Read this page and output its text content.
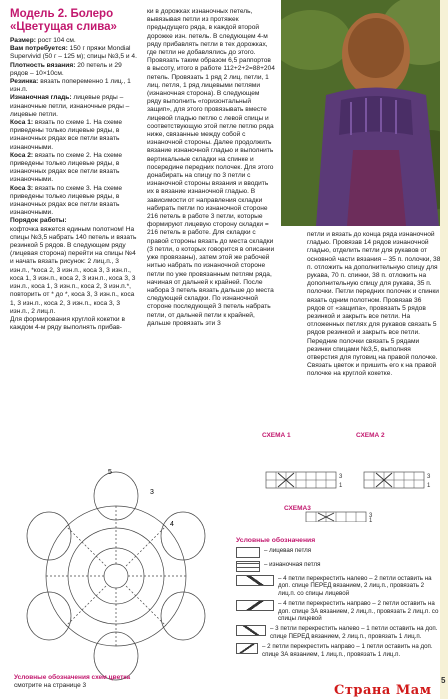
Модель 2. Болеро
«Цветущая слива»

Размер: рост 104 см.

Вам потребуется: 150 г пряжи Mondial Supervivid (50 г – 125 м); спицы №3,5 и 4.

Плотность вязания: 20 петель и 29 рядов – 10×10см.

Резинка: вязать попеременно 1 лиц., 1 изн.п.

Изнаночная гладь: лицевые ряды – изнаночные петли, изнаночные ряды – лицевые петли.

Коса 1: вязать по схеме 1. На схеме приведены только лицевые ряды, в изнаночных рядах все петли вязать изнаночными.

Коса 2: вязать по схеме 2. На схеме приведены только лицевые ряды, в изнаночных рядах все петли вязать изнаночными.

Коса 3: вязать по схеме 3. На схеме приведены только лицевые ряды, в изнаночных рядах все петли вязать изнаночными.

Порядок работы:

кофточка вяжется единым полотном! На спицы №3,5 набрать 140 петель и вязать резинкой 5 рядов. В следующем ряду (лицевая сторона) перейти на спицы №4 и начать вязать рисунок: 2 лиц.п., 3 изн.п., *коса 2, 3 изн.п., коса 3, 3 изн.п., коса 1, 3 изн.п., коса 2, 3 изн.п., коса 3, 3 изн.п., коса 1, 3 изн.п., коса 2, 3 изн.п.*, повторить от * до *, коса 3, 3 изн.п., коса 1, 3 изн.п., коса 2, 3 изн.п., коса 3, 3 изн.п., 2 лиц.п.

Для формирования круглой кокетки в каждом 4-м ряду выполнять прибав-

ки в дорожках изнаночных петель, вывязывая петли из протяжек предыдущего ряда, в каждой второй дорожке изн. петель. В следующем 4-м ряду прибавлять петли в тех дорожках, где петли не добавлялись до этого. Провязать таким образом 6,5 раппортов в высоту, итого в работе 112+2+2=88+204 петель. Провязать 1 ряд 2 лиц. петли, 1 лиц. петля, 1 ряд лицевыми петлями (изнаночная сторона). В следующем ряду выполнить «горизонтальный защип», для этого провязывать вместе лицевой гладью петлю с левой спицы и соответствующую этой петле петлю ряда ниже, связанные между собой с изнаночной стороны. Далее продолжить вязание изнаночной гладью и выполнить вертикальные складки на спинке и посередине передних полочек. Для этого донабирать на спицу по 3 петли с изнаночной стороны вязания и вводить их в вязание изнаночной гладью. В зависимости от направления складки набирать петли по изнаночной стороне 216 петель в работе 3 петли, которые формируют лицевую сторону складки = 216 петель в работе. Для складки с правой стороны вязать до места складки (3 петли, о которых говорится в описании уже провязаны), затем этой же рабочей нитью набрать по изнаночной стороне петли по уже провязанным петлям ряда, начиная от дальней к крайней. После набора 3 петель вязать дальше до места следующей складки. По изнаночной стороне последующей 3 петель набрать петли, от дальней петли к крайней, дальше провязать эти 3

петли и вязать до конца ряда изнаночной гладью. Провязав 14 рядов изнаночной гладью, отделить петли для рукавов от основной части вязания – 35 п. полочки, 38 п. отложить на дополнительную спицу для рукава, 70 п. спинки, 38 п. отложить на дополнительную спицу для рукава, 35 п. полочки. Петли передних полочек и спинки вязать одним полотном. Провязав 36 рядов от «защипа», провязать 5 рядов резинкой и закрыть все петли. На отложенных петлях для рукавов связать 5 рядов резинкой и закрыть все петли. Передние полочки связать 5 рядами резинки спицами №3,5, выполняя отверстия для пуговиц на правой полочке. Связать цветок и пришить его к на правой полочке на круглой кокетке.

5
3
4
Условные обозначения схем цветка
смотрите на странице 3
СХЕМА 1	СХЕМА 2
СХЕМА3
3
1
3
1
3
1
Условные обозначения
– лицевая петля
– изнаночная петля
– 4 петли перекрестить налево – 2 петли оставить на доп. спице ПЕРЕД вязанием, 2 лиц.п., провязать 2 лиц.п. со спицы лицевой
– 4 петли перекрестить направо – 2 петли оставить на доп. спице ЗА вязанием, 2 лиц.п., провязать 2 лиц.п. со спицы лицевой
– 3 петли перекрестить налево – 1 петли оставить на доп. спице ПЕРЕД вязанием, 2 лиц.п., провязать 1 лиц.п.
– 2 петли перекрестить направо – 1 петли оставить на доп. спице ЗА вязанием, 1 лиц.п., провязать 1 лиц.п.
5
Страна Мам
